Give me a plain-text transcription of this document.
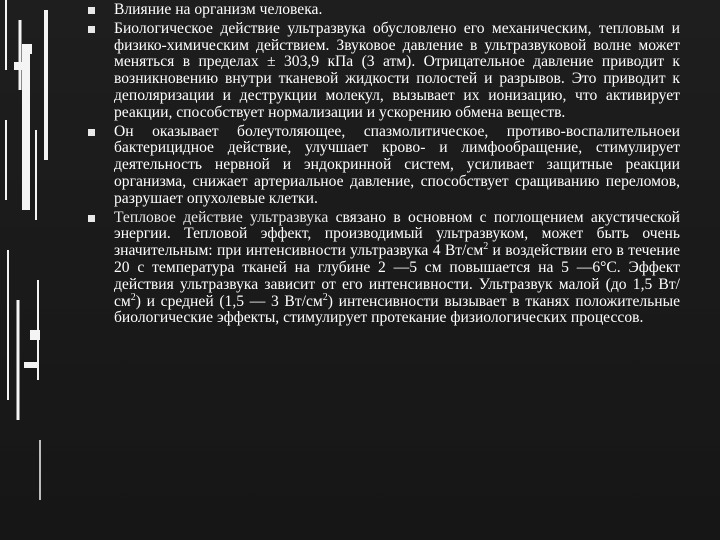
Влияние на организм человека.
Биологическое действие ультразвука обусловлено его механическим, тепловым и физико-химическим действием. Звуковое давление в ультразвуковой волне может меняться в пределах ± 303,9 кПа (3 атм). Отрицательное давление приводит к возникновению внутри тканевой жидкости полостей и разрывов. Это приводит к деполяризации и деструкции молекул, вызывает их ионизацию, что активирует реакции, способствует нормализации и ускорению обмена веществ.
Он оказывает болеутоляющее, спазмолитическое, противо-воспалительноеи бактерицидное действие, улучшает крово- и лимфообращение, стимулирует деятельность нервной и эндокринной систем, усиливает защитные реакции организма, снижает артериальное давление, способствует сращиванию переломов, разрушает опухолевые клетки.
Тепловое действие ультразвука связано в основном с поглощением акустической энергии. Тепловой эффект, производимый ультразвуком, может быть очень значительным: при интенсивности ультразвука 4 $Вт/см^2$ и воздействии его в течение 20 с температура тканей на глубине 2 —5 см повышается на 5 —6°С. Эффект действия ультразвука зависит от его интенсивности. Ультразвук малой (до 1,5 $Вт/см^2$) и средней (1,5 — 3 $Вт/см^2$) интенсивности вызывает в тканях положительные биологические эффекты, стимулирует протекание физиологических процессов.
